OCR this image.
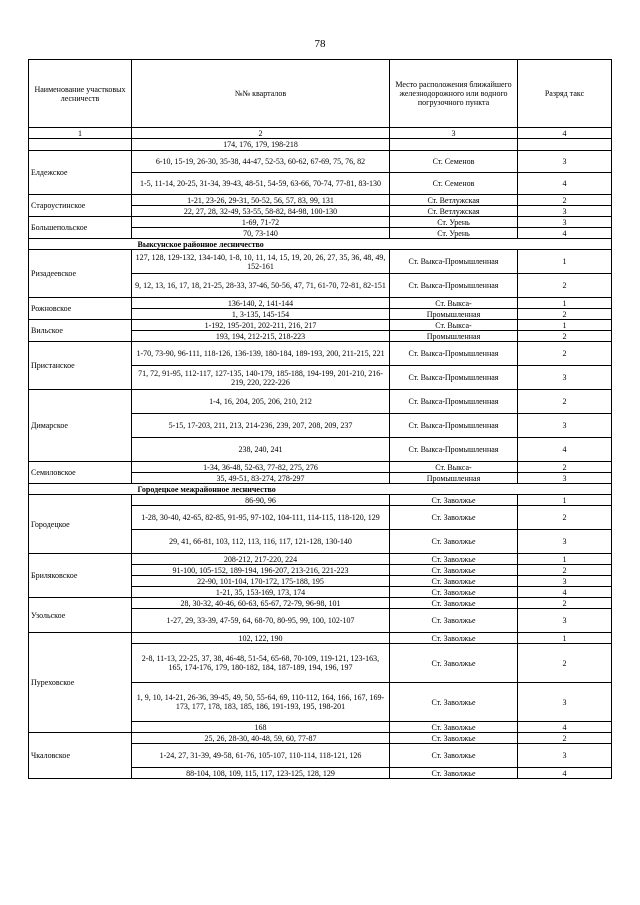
78
Наименование участковых лесничеств	№№ кварталов	Место расположения ближайшего железнодорожного или водного погрузочного пункта	Разряд такс
1	2	3	4
	174, 176, 179, 198-218		
Елдежское	6-10, 15-19, 26-30, 35-38, 44-47, 52-53, 60-62, 67-69, 75, 76, 82	Ст. Семенов	3
	1-5, 11-14, 20-25, 31-34, 39-43, 48-51, 54-59, 63-66, 70-74, 77-81, 83-130	Ст. Семенов	4
Староустинское	1-21, 23-26, 29-31, 50-52, 56, 57, 83, 99, 131	Ст. Ветлужская	2
	22, 27, 28, 32-49, 53-55, 58-82, 84-98, 100-130	Ст. Ветлужская	3
Большепольское	1-69, 71-72	Ст. Урень	3
	70, 73-140	Ст. Урень	4
	Выксунское районное лесничество		
Ризадеевское	127, 128, 129-132, 134-140, 1-8, 10, 11, 14, 15, 19, 20, 26, 27, 35, 36, 48, 49, 152-161	Ст. Выкса-Промышленная	1
	9, 12, 13, 16, 17, 18, 21-25, 28-33, 37-46, 50-56, 47, 71, 61-70, 72-81, 82-151	Ст. Выкса-Промышленная	2
Рожновское	136-140, 2, 141-144	Ст. Выкса-	1
	1, 3-135, 145-154	Промышленная	2
Вильское	1-192, 195-201, 202-211, 216, 217	Ст. Выкса-	1
	193, 194, 212-215, 218-223	Промышленная	2
Пристанское	1-70, 73-90, 96-111, 118-126, 136-139, 180-184, 189-193, 200, 211-215, 221	Ст. Выкса-Промышленная	2
	71, 72, 91-95, 112-117, 127-135, 140-179, 185-188, 194-199, 201-210, 216-219, 220, 222-226	Ст. Выкса-Промышленная	3
Димарское	1-4, 16, 204, 205, 206, 210, 212	Ст. Выкса-Промышленная	2
	5-15, 17-203, 211, 213, 214-236, 239, 207, 208, 209, 237	Ст. Выкса-Промышленная	3
	238, 240, 241	Ст. Выкса-Промышленная	4
Семиловское	1-34, 36-48, 52-63, 77-82, 275, 276	Ст. Выкса-	2
	35, 49-51, 83-274, 278-297	Промышленная	3
	Городецкое межрайонное лесничество		
Городецкое	86-90, 96	Ст. Заволжье	1
	1-28, 30-40, 42-65, 82-85, 91-95, 97-102, 104-111, 114-115, 118-120, 129	Ст. Заволжье	2
	29, 41, 66-81, 103, 112, 113, 116, 117, 121-128, 130-140	Ст. Заволжье	3
Бриляковское	208-212, 217-220, 224	Ст. Заволжье	1
	91-100, 105-152, 189-194, 196-207, 213-216, 221-223	Ст. Заволжье	2
	22-90, 101-104, 170-172, 175-188, 195	Ст. Заволжье	3
	1-21, 35, 153-169, 173, 174	Ст. Заволжье	4
Узольское	28, 30-32, 40-46, 60-63, 65-67, 72-79, 96-98, 101	Ст. Заволжье	2
	1-27, 29, 33-39, 47-59, 64, 68-70, 80-95, 99, 100, 102-107	Ст. Заволжье	3
Пуреховское	102, 122, 190	Ст. Заволжье	1
	2-8, 11-13, 22-25, 37, 38, 46-48, 51-54, 65-68, 70-109, 119-121, 123-163, 165, 174-176, 179, 180-182, 184, 187-189, 194, 196, 197	Ст. Заволжье	2
	1, 9, 10, 14-21, 26-36, 39-45, 49, 50, 55-64, 69, 110-112, 164, 166, 167, 169- 173, 177, 178, 183, 185, 186, 191-193, 195, 198-201	Ст. Заволжье	3
	168	Ст. Заволжье	4
Чкаловское	25, 26, 28-30, 40-48, 59, 60, 77-87	Ст. Заволжье	2
	1-24, 27, 31-39, 49-58, 61-76, 105-107, 110-114, 118-121, 126	Ст. Заволжье	3
	88-104, 108, 109, 115, 117, 123-125, 128, 129	Ст. Заволжье	4
